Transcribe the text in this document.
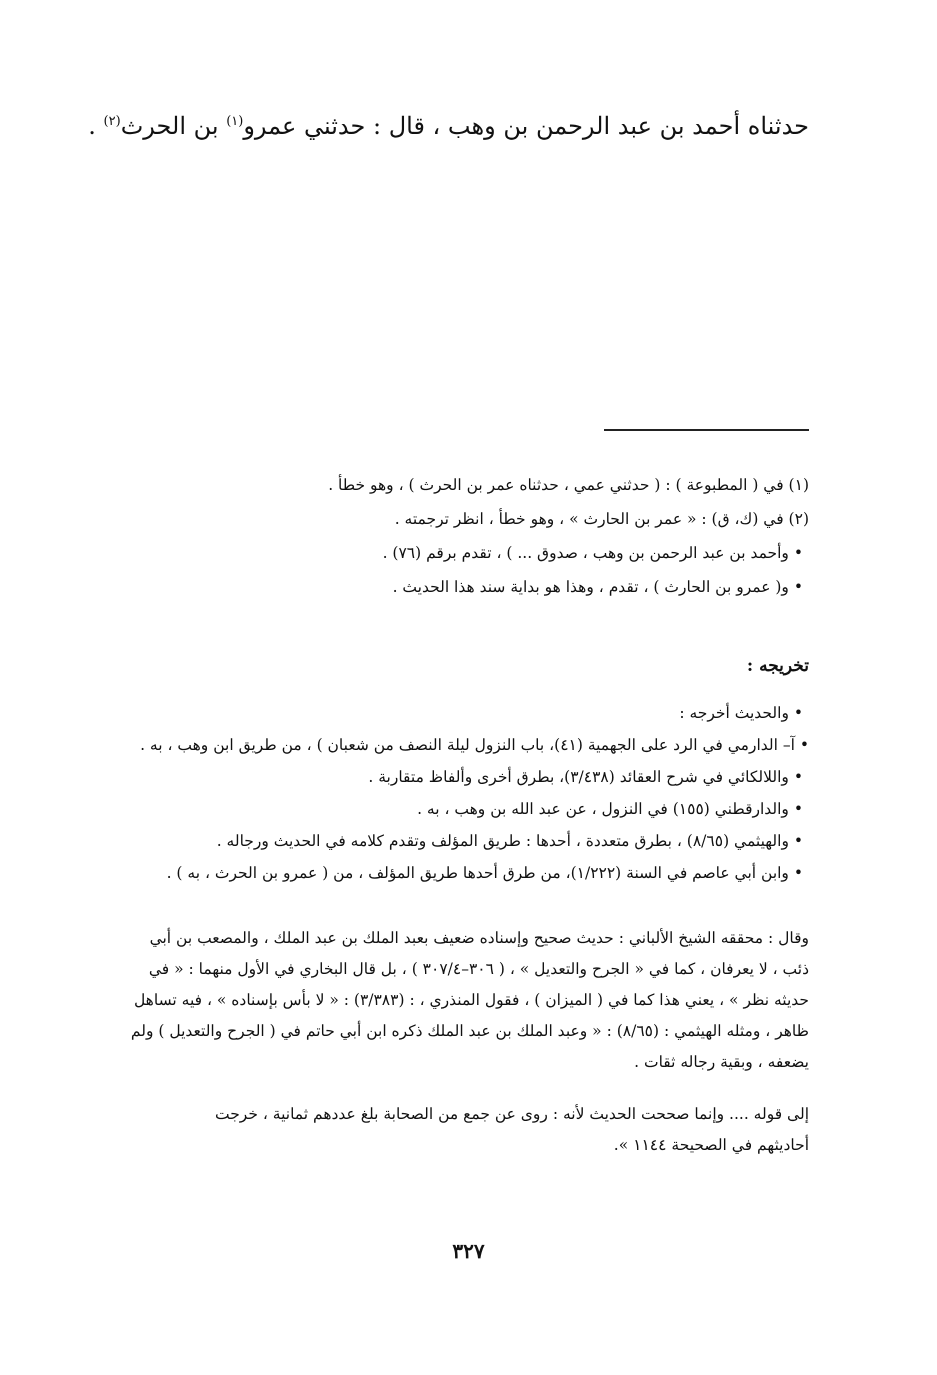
حدثناه أحمد بن عبد الرحمن بن وهب ، قال : حدثني عمرو$^{(١)}$ بن الحرث$^{(٢)}$ .
(١) في ( المطبوعة ) : ( حدثني عمي ، حدثناه عمر بن الحرث ) ، وهو خطأ .
(٢) في (ك، ق) : « عمر بن الحارث » ، وهو خطأ ، انظر ترجمته .
• وأحمد بن عبد الرحمن بن وهب ، صدوق ... ) ، تقدم برقم (٧٦) .
• و( عمرو بن الحارث ) ، تقدم ، وهذا هو بداية سند هذا الحديث .
تخريجه :
• والحديث أخرجه :
• آ– الدارمي في الرد على الجهمية (٤١)، باب النزول ليلة النصف من شعبان ) ، من طريق ابن وهب ، به .
• واللالكائي في شرح العقائد (٣/٤٣٨)، بطرق أخرى وألفاظ متقاربة .
• والدارقطني (١٥٥) في النزول ، عن عبد الله بن وهب ، به .
• والهيثمي (٨/٦٥) ، بطرق متعددة ، أحدها : طريق المؤلف وتقدم كلامه في الحديث ورجاله .
• وابن أبي عاصم في السنة (١/٢٢٢)، من طرق أحدها طريق المؤلف ، من ( عمرو بن الحرث ، به ) .
وقال : محققه الشيخ الألباني : حديث صحيح وإسناده ضعيف بعبد الملك بن عبد الملك ، والمصعب بن أبي
ذئب ، لا يعرفان ، كما في « الجرح والتعديل » ، ( ٣٠٦–٣٠٧/٤ ) ، بل قال البخاري في الأول منهما : « في
حديثه نظر » ، يعني هذا كما في ( الميزان ) ، فقول المنذري ، : (٣/٣٨٣) : « لا بأس بإسناده » ، فيه تساهل
ظاهر ، ومثله الهيثمي : (٨/٦٥) : « وعبد الملك بن عبد الملك ذكره ابن أبي حاتم في ( الجرح والتعديل ) ولم
يضعفه ، وبقية رجاله ثقات .
إلى قوله .... وإنما صححت الحديث لأنه : روى عن جمع من الصحابة بلغ عددهم ثمانية ، خرجت
أحاديثهم في الصحيحة ١١٤٤ ».
٣٢٧
